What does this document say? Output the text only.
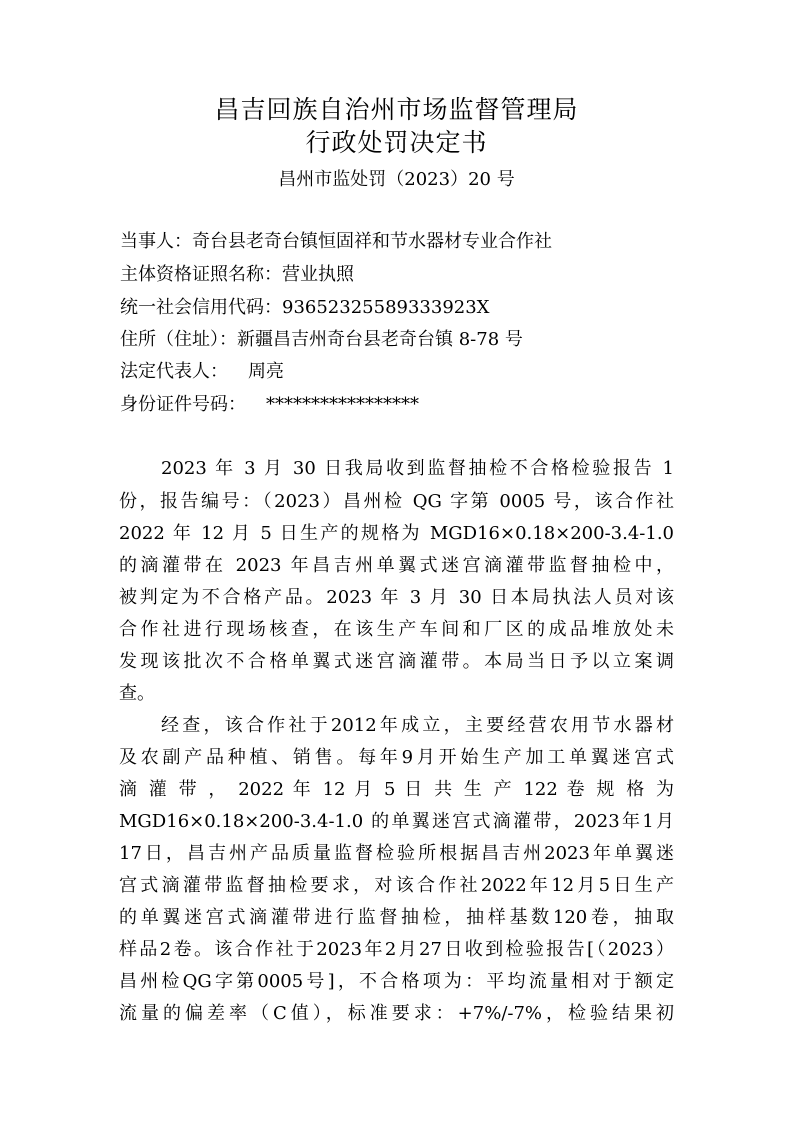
昌吉回族自治州市场监督管理局
行政处罚决定书
昌州市监处罚（2023）20 号
当事人：奇台县老奇台镇恒固祥和节水器材专业合作社
主体资格证照名称：营业执照
统一社会信用代码：93652325589333923X
住所（住址）：新疆昌吉州奇台县老奇台镇 8-78 号
法定代表人： 周亮
身份证件号码： *****************
2023 年 3 月 30 日我局收到监督抽检不合格检验报告 1
份，报告编号：（2023）昌州检 QG 字第 0005 号，该合作社
2022 年 12 月 5 日生产的规格为 MGD16×0.18×200-3.4-1.0
的滴灌带在 2023 年昌吉州单翼式迷宫滴灌带监督抽检中，
被判定为不合格产品。2023 年 3 月 30 日本局执法人员对该
合作社进行现场核查，在该生产车间和厂区的成品堆放处未
发现该批次不合格单翼式迷宫滴灌带。本局当日予以立案调
查。
经查，该合作社于2012年成立，主要经营农用节水器材
及农副产品种植、销售。每年9月开始生产加工单翼迷宫式
滴 灌 带 ， 2022 年 12 月 5 日 共 生 产 122 卷 规 格 为
MGD16×0.18×200-3.4-1.0 的单翼迷宫式滴灌带，2023年1月
17日，昌吉州产品质量监督检验所根据昌吉州2023年单翼迷
宫式滴灌带监督抽检要求，对该合作社2022年12月5日生产
的单翼迷宫式滴灌带进行监督抽检，抽样基数120卷，抽取
样品2卷。该合作社于2023年2月27日收到检验报告[（2023）
昌州检QG字第0005号]，不合格项为：平均流量相对于额定
流量的偏差率（C值），标准要求：+7%/-7%，检验结果初
